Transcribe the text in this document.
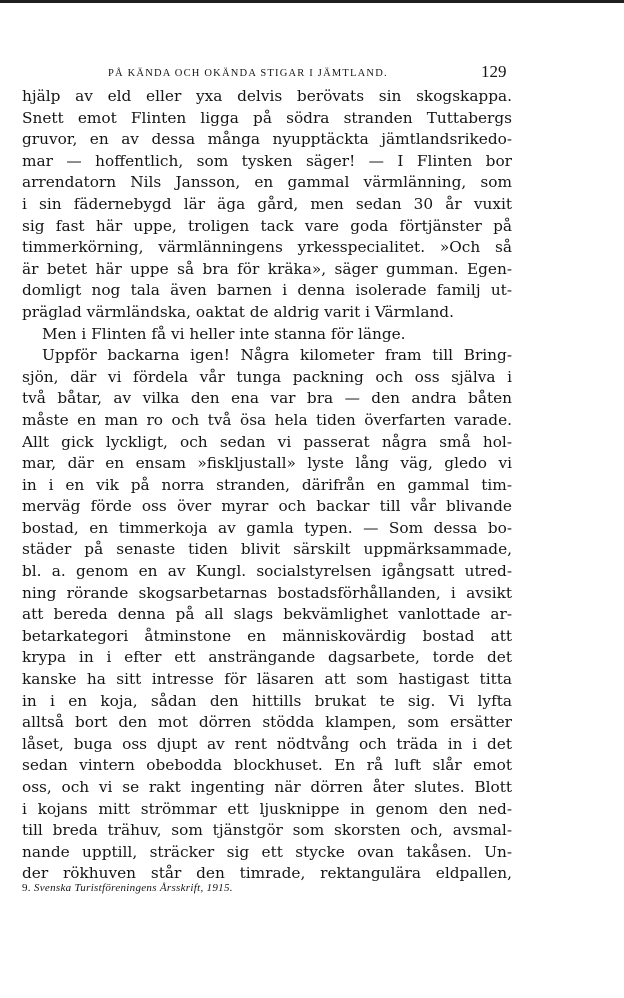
PÅ KÄNDA OCH OKÄNDA STIGAR I JÄMTLAND.	129
hjälp av eld eller yxa delvis berövats sin skogskappa.
Snett emot Flinten ligga på södra stranden Tuttabergs
gruvor, en av dessa många nyupptäckta jämtlandsrikedo-
mar — hoffentlich, som tysken säger! — I Flinten bor
arrendatorn Nils Jansson, en gammal värmlänning, som
i sin fädernebygd lär äga gård, men sedan 30 år vuxit
sig fast här uppe, troligen tack vare goda förtjänster på
timmerkörning, värmlänningens yrkesspecialitet. »Och så
är betet här uppe så bra för kräka», säger gumman. Egen-
domligt nog tala även barnen i denna isolerade familj ut-
präglad värmländska, oaktat de aldrig varit i Värmland.
Men i Flinten få vi heller inte stanna för länge.
Uppför backarna igen! Några kilometer fram till Bring-
sjön, där vi fördela vår tunga packning och oss själva i
två båtar, av vilka den ena var bra — den andra båten
måste en man ro och två ösa hela tiden överfarten varade.
Allt gick lyckligt, och sedan vi passerat några små hol-
mar, där en ensam »fiskljustall» lyste lång väg, gledo vi
in i en vik på norra stranden, därifrån en gammal tim-
merväg förde oss över myrar och backar till vår blivande
bostad, en timmerkoja av gamla typen. — Som dessa bo-
städer på senaste tiden blivit särskilt uppmärksammade,
bl. a. genom en av Kungl. socialstyrelsen igångsatt utred-
ning rörande skogsarbetarnas bostadsförhållanden, i avsikt
att bereda denna på all slags bekvämlighet vanlottade ar-
betarkategori åtminstone en människovärdig bostad att
krypa in i efter ett ansträngande dagsarbete, torde det
kanske ha sitt intresse för läsaren att som hastigast titta
in i en koja, sådan den hittills brukat te sig. Vi lyfta
alltså bort den mot dörren stödda klampen, som ersätter
låset, buga oss djupt av rent nödtvång och träda in i det
sedan vintern obebodda blockhuset. En rå luft slår emot
oss, och vi se rakt ingenting när dörren åter slutes. Blott
i kojans mitt strömmar ett ljusknippe in genom den ned-
till breda trähuv, som tjänstgör som skorsten och, avsmal-
nande upptill, sträcker sig ett stycke ovan takåsen. Un-
der rökhuven står den timrade, rektangulära eldpallen,
9. Svenska Turistföreningens Årsskrift, 1915.
